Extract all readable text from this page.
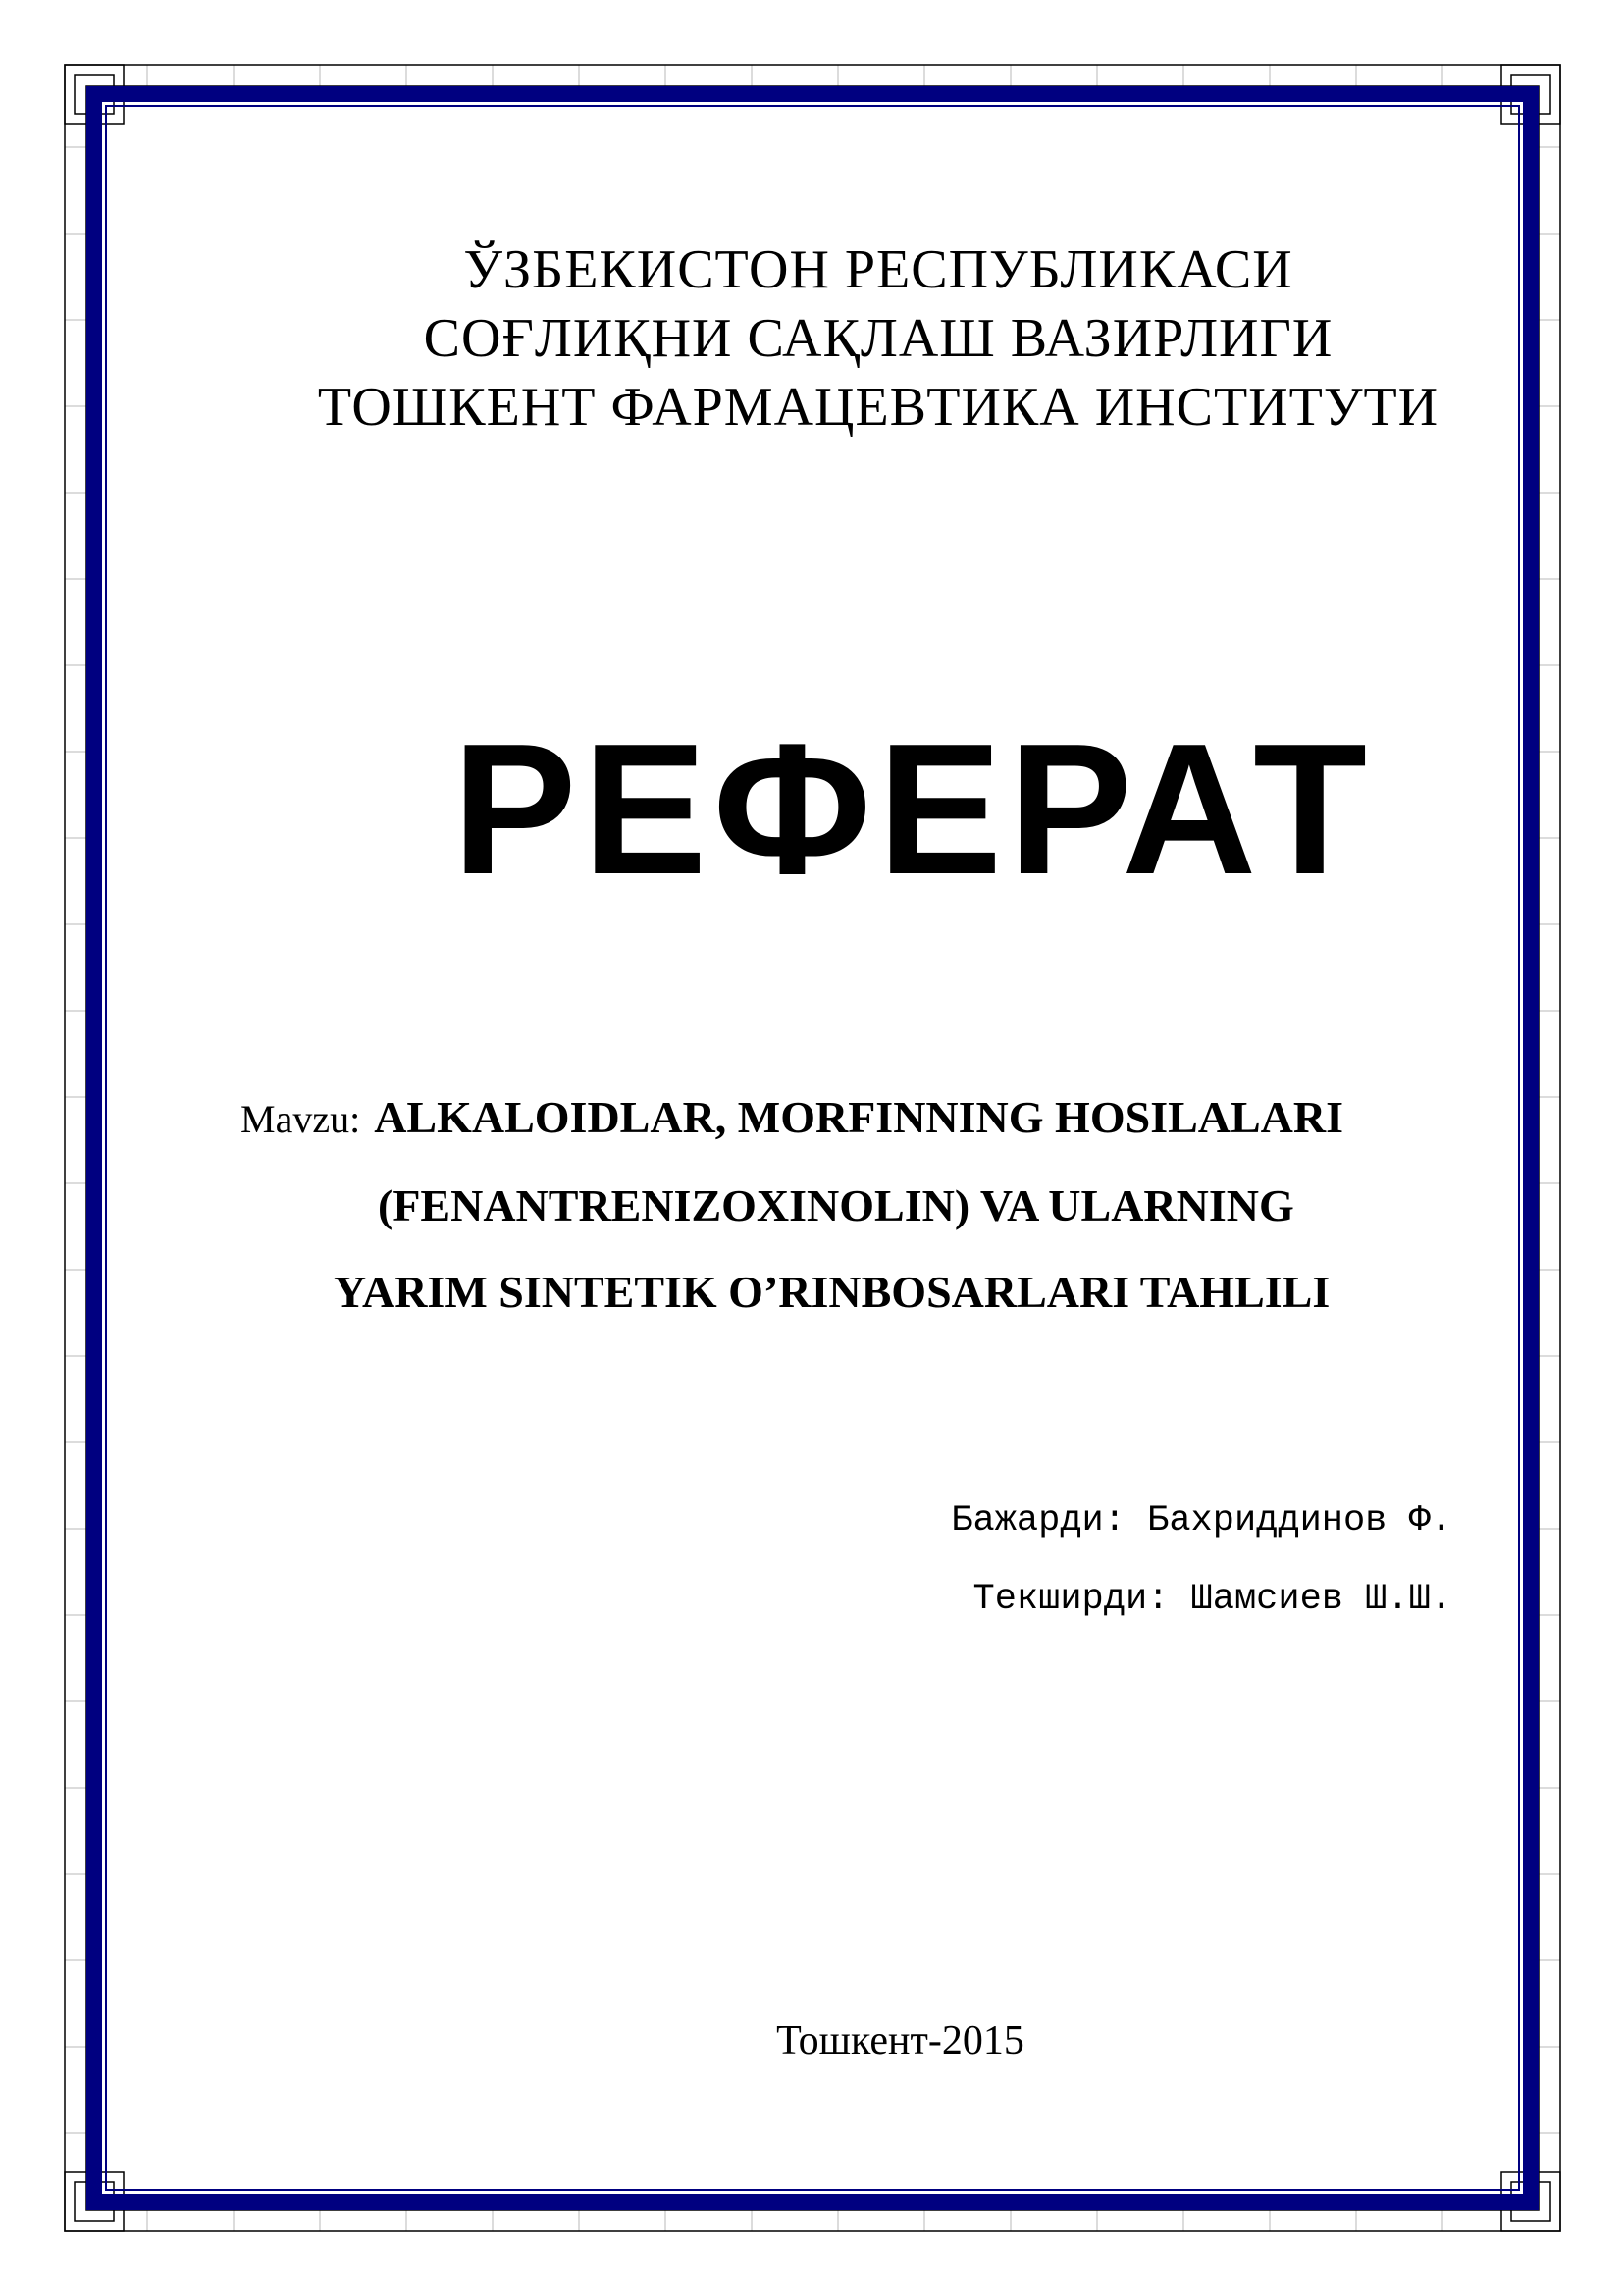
ЎЗБЕКИСТОН РЕСПУБЛИКАСИ
СОҒЛИҚНИ САҚЛАШ ВАЗИРЛИГИ
ТОШКЕНТ ФАРМАЦЕВТИКА ИНСТИТУТИ
РЕФЕРАТ
Mavzu: ALKALOIDLAR, MORFINNING HOSILALARI
(FENANTRENIZOXINOLIN) VA ULARNING
YARIM SINTETIK O’RINBOSARLARI TAHLILI
Бажарди: Бахриддинов Ф.
Текширди: Шамсиев Ш.Ш.
Тошкент-2015
